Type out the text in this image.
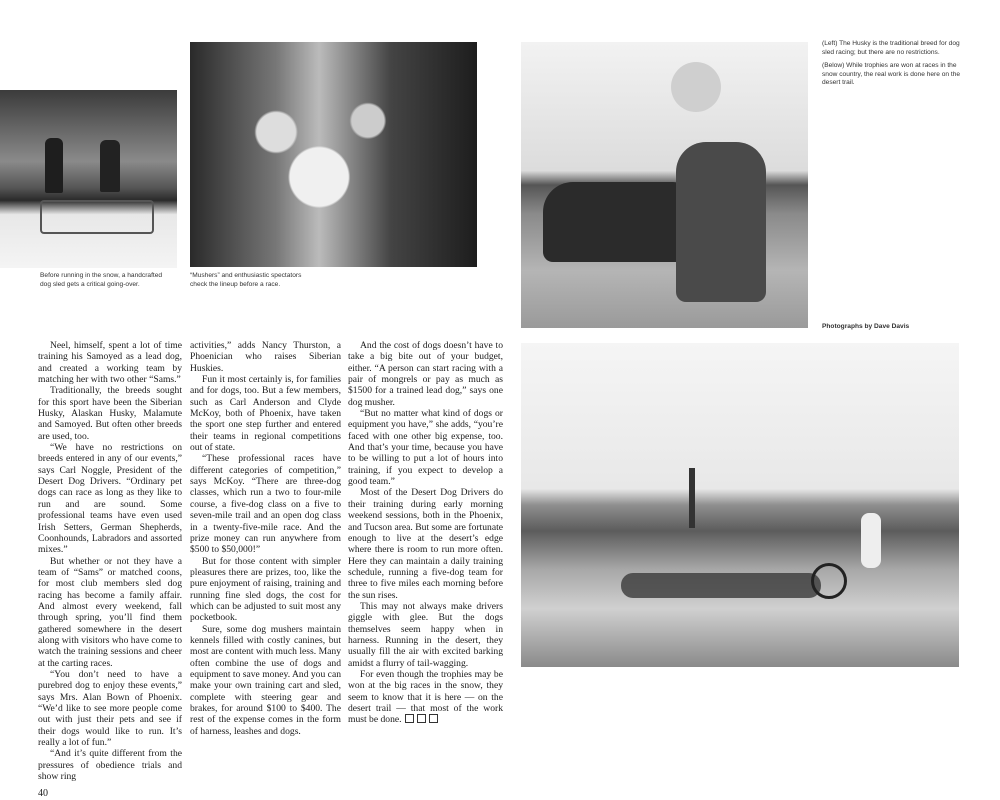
Before running in the snow, a handcrafted
dog sled gets a critical going-over.
“Mushers” and enthusiastic spectators
check the lineup before a race.
(Left) The Husky is the traditional breed for dog sled racing; but there are no restrictions.
(Below) While trophies are won at races in the snow country, the real work is done here on the desert trail.
Photographs by Dave Davis

Neel, himself, spent a lot of time training his Samoyed as a lead dog, and created a working team by matching her with two other “Sams.”

Traditionally, the breeds sought for this sport have been the Siberian Husky, Alaskan Husky, Malamute and Samoyed. But often other breeds are used, too.

“We have no restrictions on breeds entered in any of our events,” says Carl Noggle, President of the Desert Dog Drivers. “Ordinary pet dogs can race as long as they like to run and are sound. Some professional teams have even used Irish Setters, German Shepherds, Coonhounds, Labradors and assorted mixes.”

But whether or not they have a team of “Sams” or matched coons, for most club members sled dog racing has become a family affair. And almost every weekend, fall through spring, you’ll find them gathered somewhere in the desert along with visitors who have come to watch the training sessions and cheer at the carting races.

“You don’t need to have a purebred dog to enjoy these events,” says Mrs. Alan Bown of Phoenix. “We’d like to see more people come out with just their pets and see if their dogs would like to run. It’s really a lot of fun.”

“And it’s quite different from the pressures of obedience trials and show ring

40

activities,” adds Nancy Thurston, a Phoenician who raises Siberian Huskies.

Fun it most certainly is, for families and for dogs, too. But a few members, such as Carl Anderson and Clyde McKoy, both of Phoenix, have taken the sport one step further and entered their teams in regional competitions out of state.

“These professional races have different categories of competition,” says McKoy. “There are three-dog classes, which run a two to four-mile course, a five-dog class on a five to seven-mile trail and an open dog class in a twenty-five-mile race. And the prize money can run anywhere from $500 to $50,000!”

But for those content with simpler pleasures there are prizes, too, like the pure enjoyment of raising, training and running fine sled dogs, the cost for which can be adjusted to suit most any pocketbook.

Sure, some dog mushers maintain kennels filled with costly canines, but most are content with much less. Many often combine the use of dogs and equipment to save money. And you can make your own training cart and sled, complete with steering gear and brakes, for around $100 to $400. The rest of the expense comes in the form of harness, leashes and dogs.

And the cost of dogs doesn’t have to take a big bite out of your budget, either. “A person can start racing with a pair of mongrels or pay as much as $1500 for a trained lead dog,” says one dog musher.

“But no matter what kind of dogs or equipment you have,” she adds, “you’re faced with one other big expense, too. And that’s your time, because you have to be willing to put a lot of hours into training, if you expect to develop a good team.”

Most of the Desert Dog Drivers do their training during early morning weekend sessions, both in the Phoenix, and Tucson area. But some are fortunate enough to live at the desert’s edge where there is room to run more often. Here they can maintain a daily training schedule, running a five-dog team for three to five miles each morning before the sun rises.

This may not always make drivers giggle with glee. But the dogs themselves seem happy when in harness. Running in the desert, they usually fill the air with excited barking amidst a flurry of tail-wagging.

For even though the trophies may be won at the big races in the snow, they seem to know that it is here — on the desert trail — that most of the work must be done.
